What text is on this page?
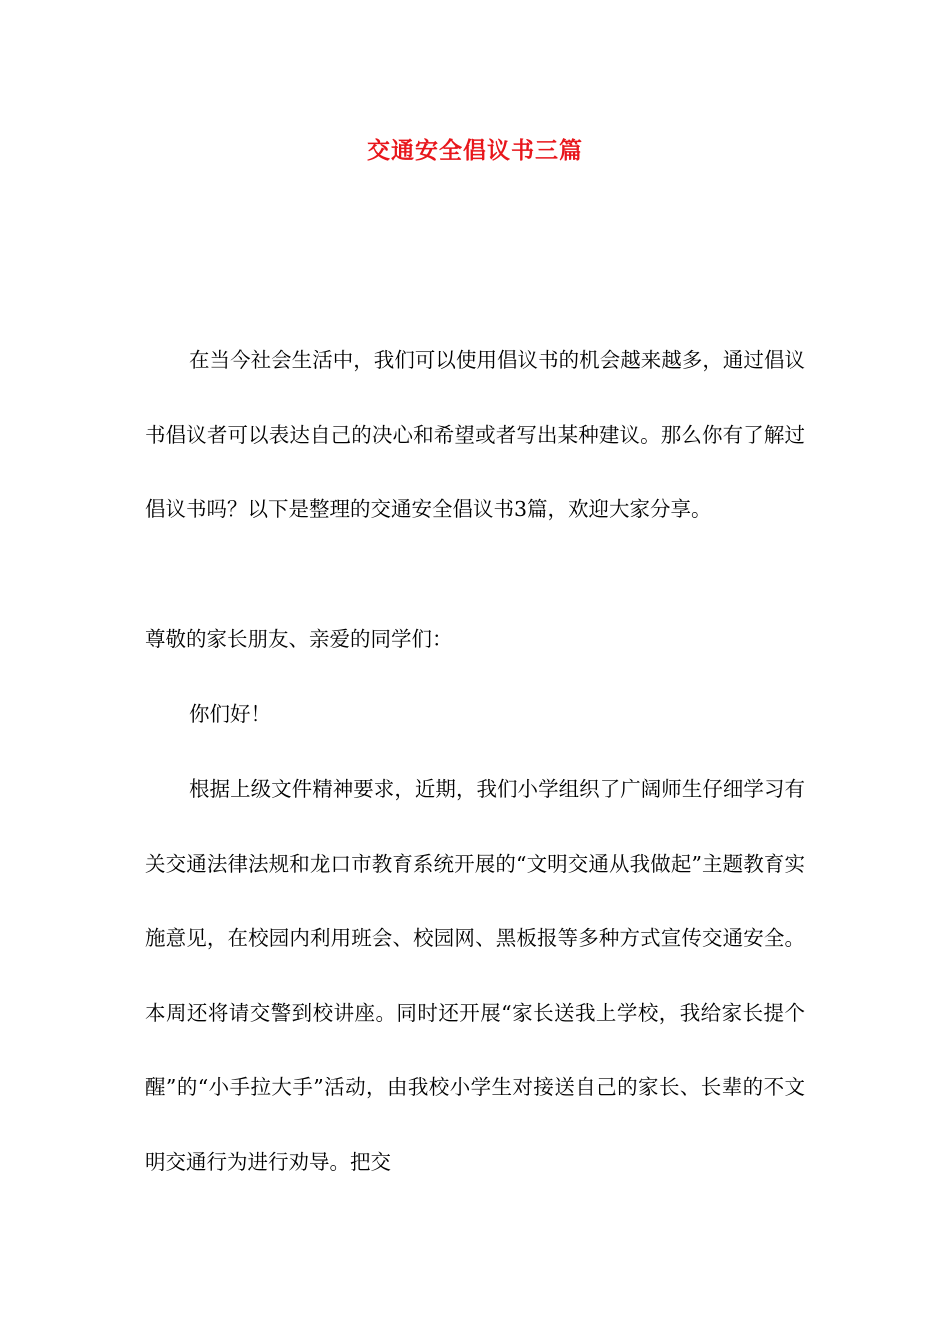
交通安全倡议书三篇

在当今社会生活中，我们可以使用倡议书的机会越来越多，通过倡议书倡议者可以表达自己的决心和希望或者写出某种建议。那么你有了解过倡议书吗？以下是整理的交通安全倡议书3篇，欢迎大家分享。

尊敬的家长朋友、亲爱的同学们：

你们好！

根据上级文件精神要求，近期，我们小学组织了广阔师生仔细学习有关交通法律法规和龙口市教育系统开展的“文明交通从我做起”主题教育实施意见，在校园内利用班会、校园网、黑板报等多种方式宣传交通安全。本周还将请交警到校讲座。同时还开展“家长送我上学校，我给家长提个醒”的“小手拉大手”活动，由我校小学生对接送自己的家长、长辈的不文明交通行为进行劝导。把交
